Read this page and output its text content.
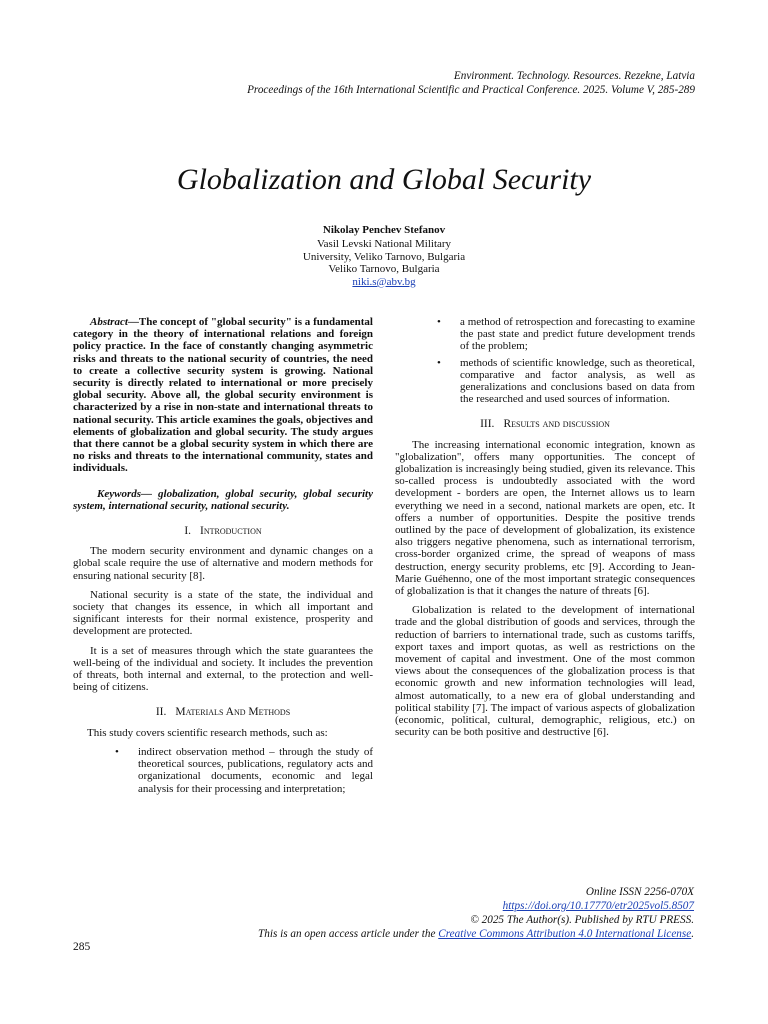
Environment. Technology. Resources. Rezekne, Latvia
Proceedings of the 16th International Scientific and Practical Conference. 2025. Volume V, 285-289
Globalization and Global Security
Nikolay Penchev Stefanov
Vasil Levski National Military
University, Veliko Tarnovo, Bulgaria
Veliko Tarnovo, Bulgaria
niki.s@abv.bg

Abstract—The concept of "global security" is a fundamental category in the theory of international relations and foreign policy practice. In the face of constantly changing asymmetric risks and threats to the national security of countries, the need to create a collective security system is growing. National security is directly related to international or more precisely global security. Above all, the global security environment is characterized by a rise in non-state and international threats to national security. This article examines the goals, objectives and elements of globalization and global security. The study argues that there cannot be a global security system in which there are no risks and threats to the international community, states and individuals.

Keywords— globalization, global security, global security system, international security, national security.

I. Introduction

The modern security environment and dynamic changes on a global scale require the use of alternative and modern methods for ensuring national security [8].

National security is a state of the state, the individual and society that changes its essence, in which all important and significant interests for their normal existence, prosperity and development are protected.

It is a set of measures through which the state guarantees the well-being of the individual and society. It includes the prevention of threats, both internal and external, to the protection and well-being of citizens.

II. Materials And Methods

This study covers scientific research methods, such as:

• indirect observation method – through the study of theoretical sources, publications, regulatory acts and organizational documents, economic and legal analysis for their processing and interpretation;
• a method of retrospection and forecasting to examine the past state and predict future development trends of the problem;
• methods of scientific knowledge, such as theoretical, comparative and factor analysis, as well as generalizations and conclusions based on data from the researched and used sources of information.
III. Results and discussion

The increasing international economic integration, known as "globalization", offers many opportunities. The concept of globalization is increasingly being studied, given its relevance. This so-called process is undoubtedly associated with the word development - borders are open, the Internet allows us to learn everything we need in a second, national markets are open, etc. It offers a number of opportunities. Despite the positive trends outlined by the pace of development of globalization, its existence also triggers negative phenomena, such as international terrorism, cross-border organized crime, the spread of weapons of mass destruction, energy security problems, etc [9]. According to Jean-Marie Guéhenno, one of the most important strategic consequences of globalization is that it changes the nature of threats [6].

Globalization is related to the development of international trade and the global distribution of goods and services, through the reduction of barriers to international trade, such as customs tariffs, export taxes and import quotas, as well as restrictions on the movement of capital and investment. One of the most common views about the consequences of the globalization process is that economic growth and new information technologies will lead, almost automatically, to a new era of global understanding and political stability [7]. The impact of various aspects of globalization (economic, political, cultural, demographic, religious, etc.) on security can be both positive and destructive [6].

Online ISSN 2256-070X
https://doi.org/10.17770/etr2025vol5.8507
© 2025 The Author(s). Published by RTU PRESS.
This is an open access article under the Creative Commons Attribution 4.0 International License.
285
